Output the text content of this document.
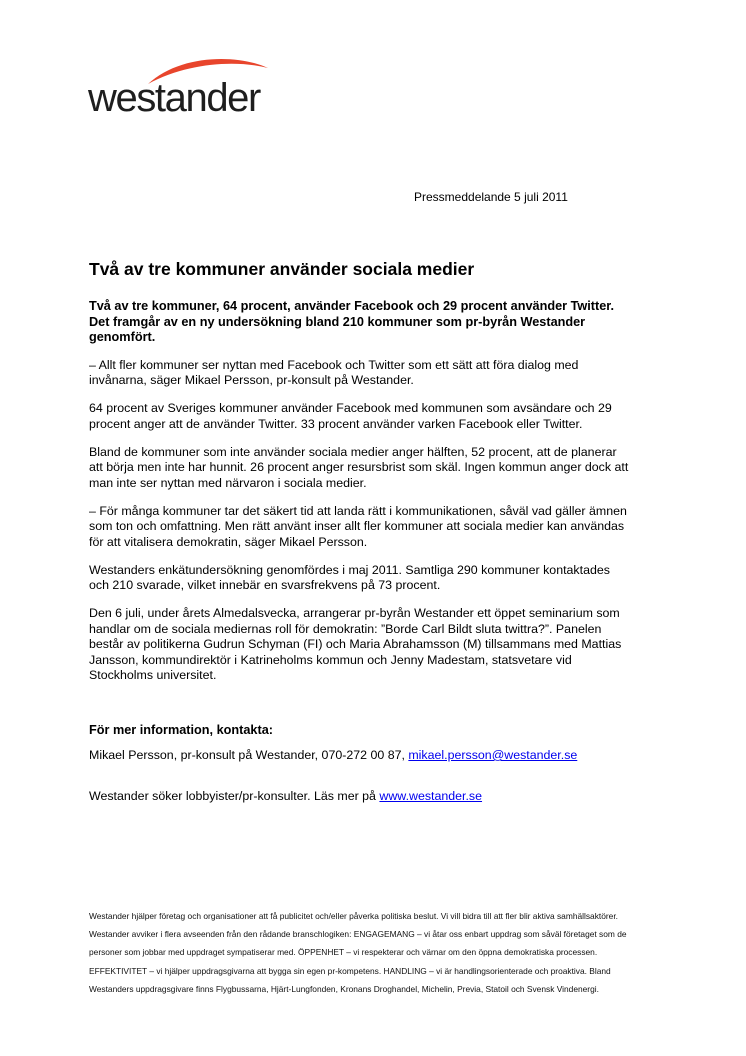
westander
Pressmeddelande 5 juli 2011
Två av tre kommuner använder sociala medier

Två av tre kommuner, 64 procent, använder Facebook och 29 procent använder Twitter. Det framgår av en ny undersökning bland 210 kommuner som pr-byrån Westander genomfört.

– Allt fler kommuner ser nyttan med Facebook och Twitter som ett sätt att föra dialog med invånarna, säger Mikael Persson, pr-konsult på Westander.

64 procent av Sveriges kommuner använder Facebook med kommunen som avsändare och 29 procent anger att de använder Twitter. 33 procent använder varken Facebook eller Twitter.

Bland de kommuner som inte använder sociala medier anger hälften, 52 procent, att de planerar att börja men inte har hunnit. 26 procent anger resursbrist som skäl. Ingen kommun anger dock att man inte ser nyttan med närvaron i sociala medier.

– För många kommuner tar det säkert tid att landa rätt i kommunikationen, såväl vad gäller ämnen som ton och omfattning. Men rätt använt inser allt fler kommuner att sociala medier kan användas för att vitalisera demokratin, säger Mikael Persson.

Westanders enkätundersökning genomfördes i maj 2011. Samtliga 290 kommuner kontaktades och 210 svarade, vilket innebär en svarsfrekvens på 73 procent.

Den 6 juli, under årets Almedalsvecka, arrangerar pr-byrån Westander ett öppet seminarium som handlar om de sociala mediernas roll för demokratin: ”Borde Carl Bildt sluta twittra?”. Panelen består av politikerna Gudrun Schyman (FI) och Maria Abrahamsson (M) tillsammans med Mattias Jansson, kommundirektör i Katrineholms kommun och Jenny Madestam, statsvetare vid Stockholms universitet.

För mer information, kontakta:

Mikael Persson, pr-konsult på Westander, 070-272 00 87, mikael.persson@westander.se

Westander söker lobbyister/pr-konsulter. Läs mer på www.westander.se

Westander hjälper företag och organisationer att få publicitet och/eller påverka politiska beslut. Vi vill bidra till att fler blir aktiva samhällsaktörer. Westander avviker i flera avseenden från den rådande branschlogiken: ENGAGEMANG – vi åtar oss enbart uppdrag som såväl företaget som de personer som jobbar med uppdraget sympatiserar med. ÖPPENHET – vi respekterar och värnar om den öppna demokratiska processen. EFFEKTIVITET – vi hjälper uppdragsgivarna att bygga sin egen pr-kompetens. HANDLING – vi är handlingsorienterade och proaktiva. Bland Westanders uppdragsgivare finns Flygbussarna, Hjärt-Lungfonden, Kronans Droghandel, Michelin, Previa, Statoil och Svensk Vindenergi.
